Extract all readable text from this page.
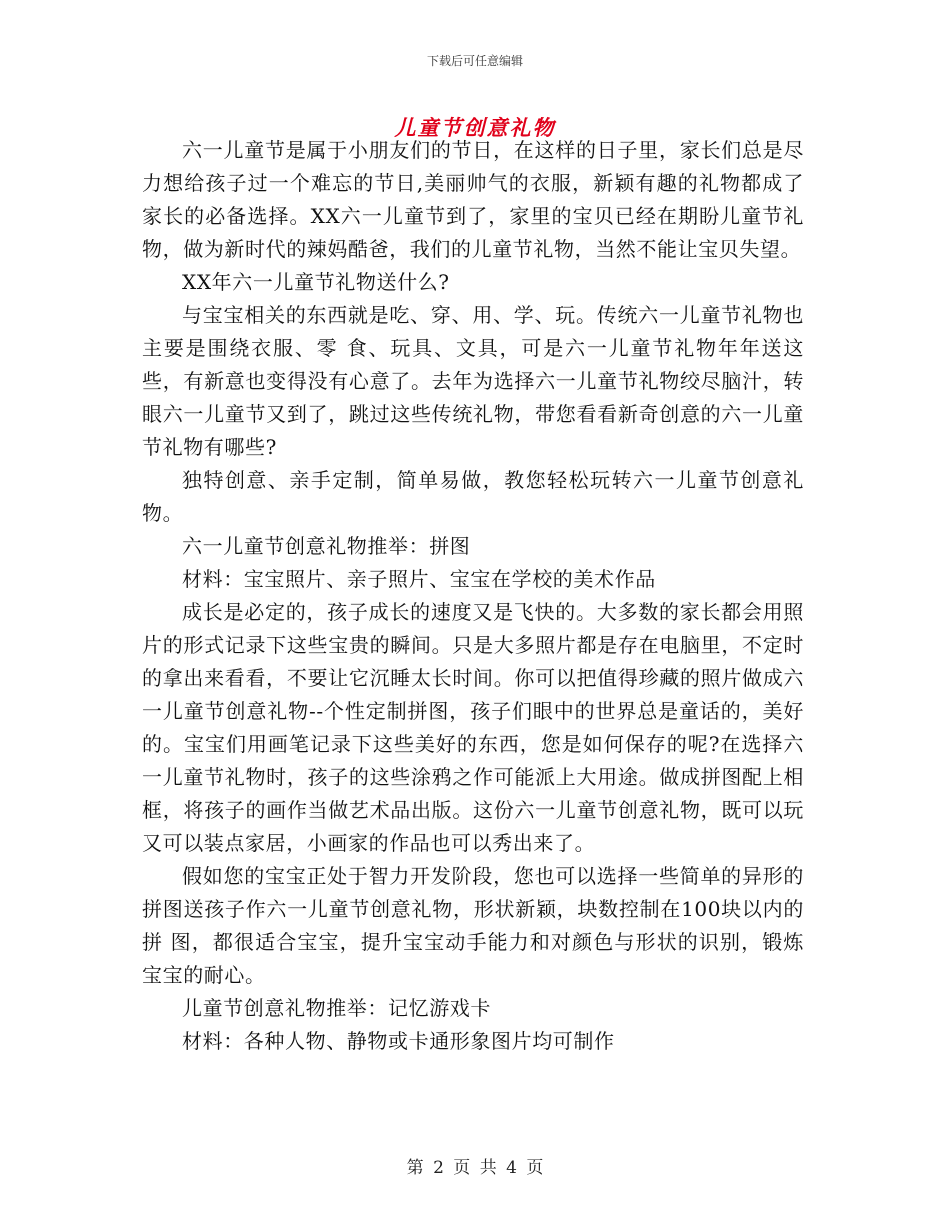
下载后可任意编辑
儿童节创意礼物

六一儿童节是属于小朋友们的节日，在这样的日子里，家长们总是尽力想给孩子过一个难忘的节日,美丽帅气的衣服，新颖有趣的礼物都成了家长的必备选择。XX六一儿童节到了，家里的宝贝已经在期盼儿童节礼物，做为新时代的辣妈酷爸，我们的儿童节礼物，当然不能让宝贝失望。

XX年六一儿童节礼物送什么?

与宝宝相关的东西就是吃、穿、用、学、玩。传统六一儿童节礼物也主要是围绕衣服、零 食、玩具、文具，可是六一儿童节礼物年年送这些，有新意也变得没有心意了。去年为选择六一儿童节礼物绞尽脑汁，转眼六一儿童节又到了，跳过这些传统礼物，带您看看新奇创意的六一儿童节礼物有哪些?

独特创意、亲手定制，简单易做，教您轻松玩转六一儿童节创意礼物。

六一儿童节创意礼物推举：拼图

材料：宝宝照片、亲子照片、宝宝在学校的美术作品

成长是必定的，孩子成长的速度又是飞快的。大多数的家长都会用照片的形式记录下这些宝贵的瞬间。只是大多照片都是存在电脑里，不定时的拿出来看看，不要让它沉睡太长时间。你可以把值得珍藏的照片做成六一儿童节创意礼物--个性定制拼图，孩子们眼中的世界总是童话的，美好的。宝宝们用画笔记录下这些美好的东西，您是如何保存的呢?在选择六一儿童节礼物时，孩子的这些涂鸦之作可能派上大用途。做成拼图配上相框，将孩子的画作当做艺术品出版。这份六一儿童节创意礼物，既可以玩又可以装点家居，小画家的作品也可以秀出来了。

假如您的宝宝正处于智力开发阶段，您也可以选择一些简单的异形的拼图送孩子作六一儿童节创意礼物，形状新颖，块数控制在100块以内的拼 图，都很适合宝宝，提升宝宝动手能力和对颜色与形状的识别，锻炼宝宝的耐心。

儿童节创意礼物推举：记忆游戏卡

材料：各种人物、静物或卡通形象图片均可制作

第 2 页 共 4 页
